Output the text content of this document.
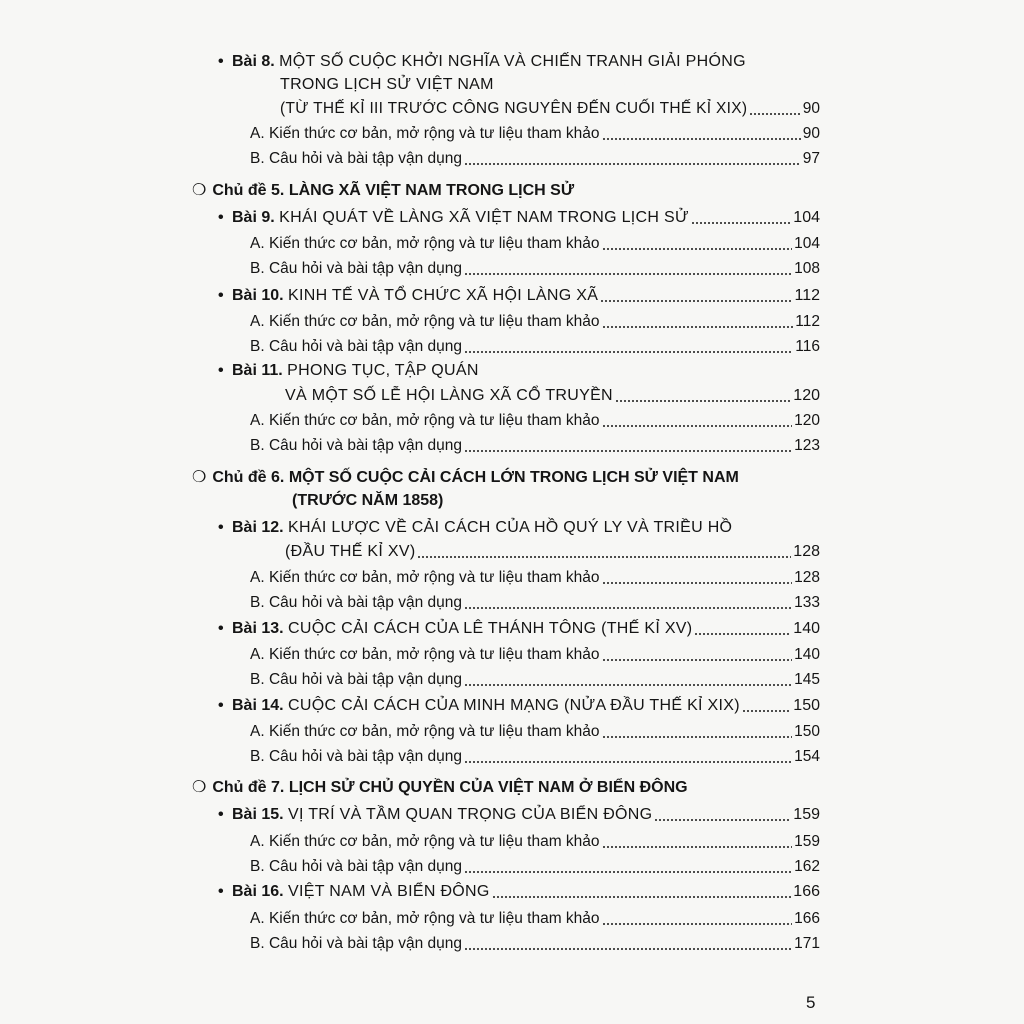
• Bài 8. MỘT SỐ CUỘC KHỞI NGHĨA VÀ CHIẾN TRANH GIẢI PHÓNG
TRONG LỊCH SỬ VIỆT NAM
(TỪ THẾ KỈ III TRƯỚC CÔNG NGUYÊN ĐẾN CUỐI THẾ KỈ XIX)	90
A. Kiến thức cơ bản, mở rộng và tư liệu tham khảo	90
B. Câu hỏi và bài tập vận dụng	97
❍ Chủ đề 5. LÀNG XÃ VIỆT NAM TRONG LỊCH SỬ
• Bài 9. KHÁI QUÁT VỀ LÀNG XÃ VIỆT NAM TRONG LỊCH SỬ	104
A. Kiến thức cơ bản, mở rộng và tư liệu tham khảo	104
B. Câu hỏi và bài tập vận dụng	108
• Bài 10. KINH TẾ VÀ TỔ CHỨC XÃ HỘI LÀNG XÃ	112
A. Kiến thức cơ bản, mở rộng và tư liệu tham khảo	112
B. Câu hỏi và bài tập vận dụng	116
• Bài 11. PHONG TỤC, TẬP QUÁN
VÀ MỘT SỐ LỄ HỘI LÀNG XÃ CỔ TRUYỀN	120
A. Kiến thức cơ bản, mở rộng và tư liệu tham khảo	120
B. Câu hỏi và bài tập vận dụng	123
❍ Chủ đề 6. MỘT SỐ CUỘC CẢI CÁCH LỚN TRONG LỊCH SỬ VIỆT NAM
(TRƯỚC NĂM 1858)
• Bài 12. KHÁI LƯỢC VỀ CẢI CÁCH CỦA HỒ QUÝ LY VÀ TRIỀU HỒ
(ĐẦU THẾ KỈ XV)	128
A. Kiến thức cơ bản, mở rộng và tư liệu tham khảo	128
B. Câu hỏi và bài tập vận dụng	133
• Bài 13. CUỘC CẢI CÁCH CỦA LÊ THÁNH TÔNG (THẾ KỈ XV)	140
A. Kiến thức cơ bản, mở rộng và tư liệu tham khảo	140
B. Câu hỏi và bài tập vận dụng	145
• Bài 14. CUỘC CẢI CÁCH CỦA MINH MẠNG (NỬA ĐẦU THẾ KỈ XIX)	150
A. Kiến thức cơ bản, mở rộng và tư liệu tham khảo	150
B. Câu hỏi và bài tập vận dụng	154
❍ Chủ đề 7. LỊCH SỬ CHỦ QUYỀN CỦA VIỆT NAM Ở BIỂN ĐÔNG
• Bài 15. VỊ TRÍ VÀ TẦM QUAN TRỌNG CỦA BIỂN ĐÔNG	159
A. Kiến thức cơ bản, mở rộng và tư liệu tham khảo	159
B. Câu hỏi và bài tập vận dụng	162
• Bài 16. VIỆT NAM VÀ BIỂN ĐÔNG	166
A. Kiến thức cơ bản, mở rộng và tư liệu tham khảo	166
B. Câu hỏi và bài tập vận dụng	171
5
